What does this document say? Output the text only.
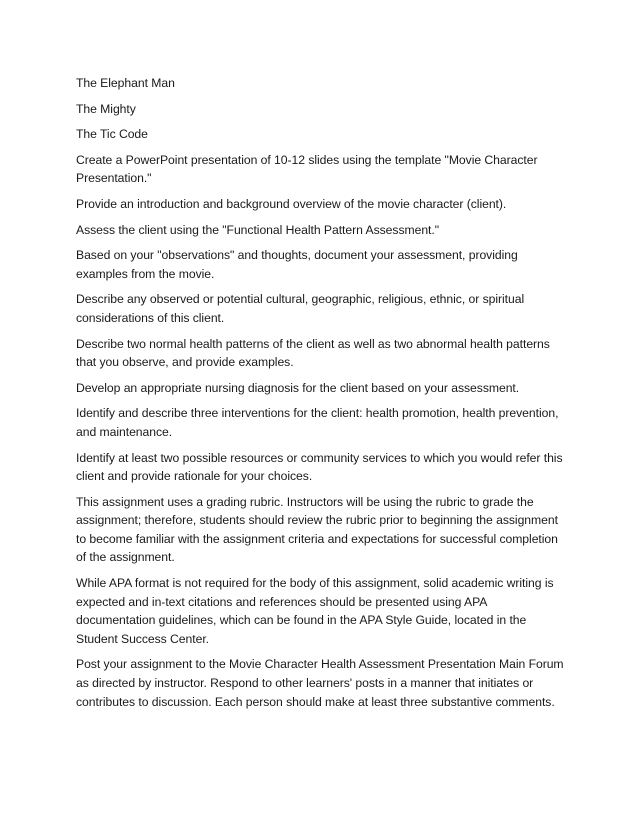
The Elephant Man

The Mighty

The Tic Code

Create a PowerPoint presentation of 10-12 slides using the template "Movie Character Presentation."

Provide an introduction and background overview of the movie character (client).

Assess the client using the "Functional Health Pattern Assessment."

Based on your "observations" and thoughts, document your assessment, providing examples from the movie.

Describe any observed or potential cultural, geographic, religious, ethnic, or spiritual considerations of this client.

Describe two normal health patterns of the client as well as two abnormal health patterns that you observe, and provide examples.

Develop an appropriate nursing diagnosis for the client based on your assessment.

Identify and describe three interventions for the client: health promotion, health prevention, and maintenance.

Identify at least two possible resources or community services to which you would refer this client and provide rationale for your choices.

This assignment uses a grading rubric. Instructors will be using the rubric to grade the assignment; therefore, students should review the rubric prior to beginning the assignment to become familiar with the assignment criteria and expectations for successful completion of the assignment.

While APA format is not required for the body of this assignment, solid academic writing is expected and in-text citations and references should be presented using APA documentation guidelines, which can be found in the APA Style Guide, located in the Student Success Center.

Post your assignment to the Movie Character Health Assessment Presentation Main Forum as directed by instructor. Respond to other learners' posts in a manner that initiates or contributes to discussion. Each person should make at least three substantive comments.
